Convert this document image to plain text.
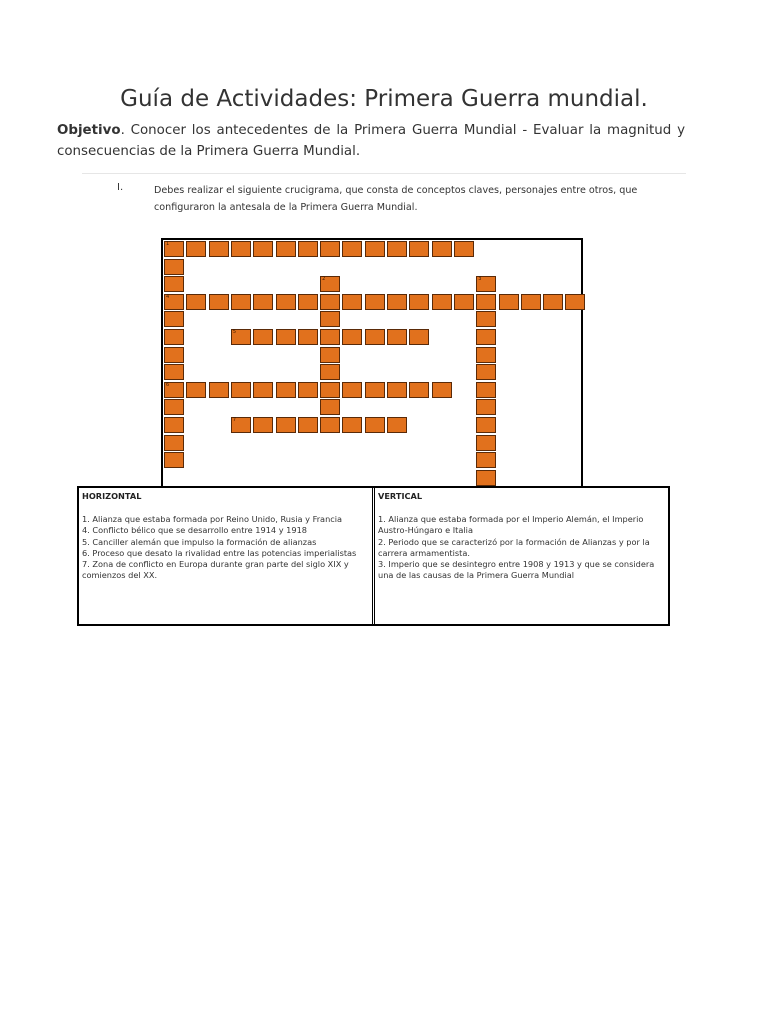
Guía de Actividades: Primera Guerra mundial.
Objetivo. Conocer los antecedentes de la Primera Guerra Mundial - Evaluar la magnitud y consecuencias de la Primera Guerra Mundial.
I.	Debes realizar el siguiente crucigrama, que consta de conceptos claves, personajes entre otros, que configuraron la antesala de la Primera Guerra Mundial.
1
4
6
2	3
5
7
HORIZONTAL

1. Alianza que estaba formada por Reino Unido, Rusia y Francia

4. Conflicto bélico que se desarrollo entre 1914 y 1918

5. Canciller alemán que impulso la formación de alianzas

6. Proceso que desato la rivalidad entre las potencias imperialistas

7. Zona de conflicto en Europa durante gran parte del siglo XIX y comienzos del XX.

VERTICAL

1. Alianza que estaba formada por el Imperio Alemán, el Imperio Austro-Húngaro e Italia

2. Periodo que se caracterizó por la formación de Alianzas y por la carrera armamentista.

3. Imperio que se desintegro entre 1908 y 1913 y que se considera una de las causas de la Primera Guerra Mundial
